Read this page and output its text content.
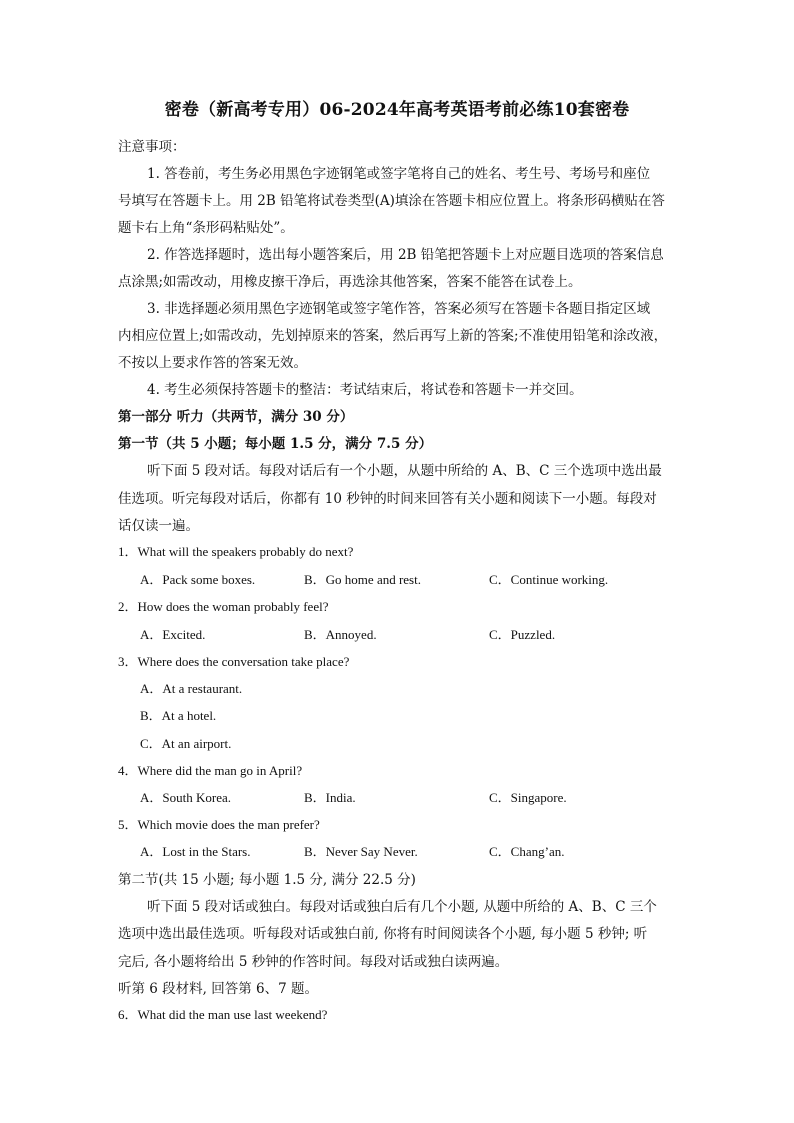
密卷（新高考专用）06-2024年高考英语考前必练10套密卷
注意事项：
1. 答卷前，考生务必用黑色字迹钢笔或签字笔将自己的姓名、考生号、考场号和座位
号填写在答题卡上。用 2B 铅笔将试卷类型(A)填涂在答题卡相应位置上。将条形码横贴在答
题卡右上角“条形码粘贴处”。
2. 作答选择题时，选出每小题答案后，用 2B 铅笔把答题卡上对应题目选项的答案信息
点涂黑;如需改动，用橡皮擦干净后，再选涂其他答案，答案不能答在试卷上。
3. 非选择题必须用黑色字迹钢笔或签字笔作答，答案必须写在答题卡各题目指定区域
内相应位置上;如需改动，先划掉原来的答案，然后再写上新的答案;不准使用铅笔和涂改液，
不按以上要求作答的答案无效。
4. 考生必须保持答题卡的整洁：考试结束后，将试卷和答题卡一并交回。
第一部分 听力（共两节，满分 30 分）
第一节（共 5 小题；每小题 1.5 分，满分 7.5 分）
听下面 5 段对话。每段对话后有一个小题，从题中所给的 A、B、C 三个选项中选出最
佳选项。听完每段对话后，你都有 10 秒钟的时间来回答有关小题和阅读下一小题。每段对
话仅读一遍。
1．What will the speakers probably do next?
A．Pack some boxes.	B．Go home and rest.	C．Continue working.
2．How does the woman probably feel?
A．Excited.	B．Annoyed.	C．Puzzled.
3．Where does the conversation take place?
A．At a restaurant.
B．At a hotel.
C．At an airport.
4．Where did the man go in April?
A．South Korea.	B．India.	C．Singapore.
5．Which movie does the man prefer?
A．Lost in the Stars.	B．Never Say Never.	C．Chang’an.
第二节(共 15 小题; 每小题 1.5 分, 满分 22.5 分)
听下面 5 段对话或独白。每段对话或独白后有几个小题, 从题中所给的 A、B、C 三个
选项中选出最佳选项。听每段对话或独白前, 你将有时间阅读各个小题, 每小题 5 秒钟; 听
完后, 各小题将给出 5 秒钟的作答时间。每段对话或独白读两遍。
听第 6 段材料, 回答第 6、7 题。
6．What did the man use last weekend?
